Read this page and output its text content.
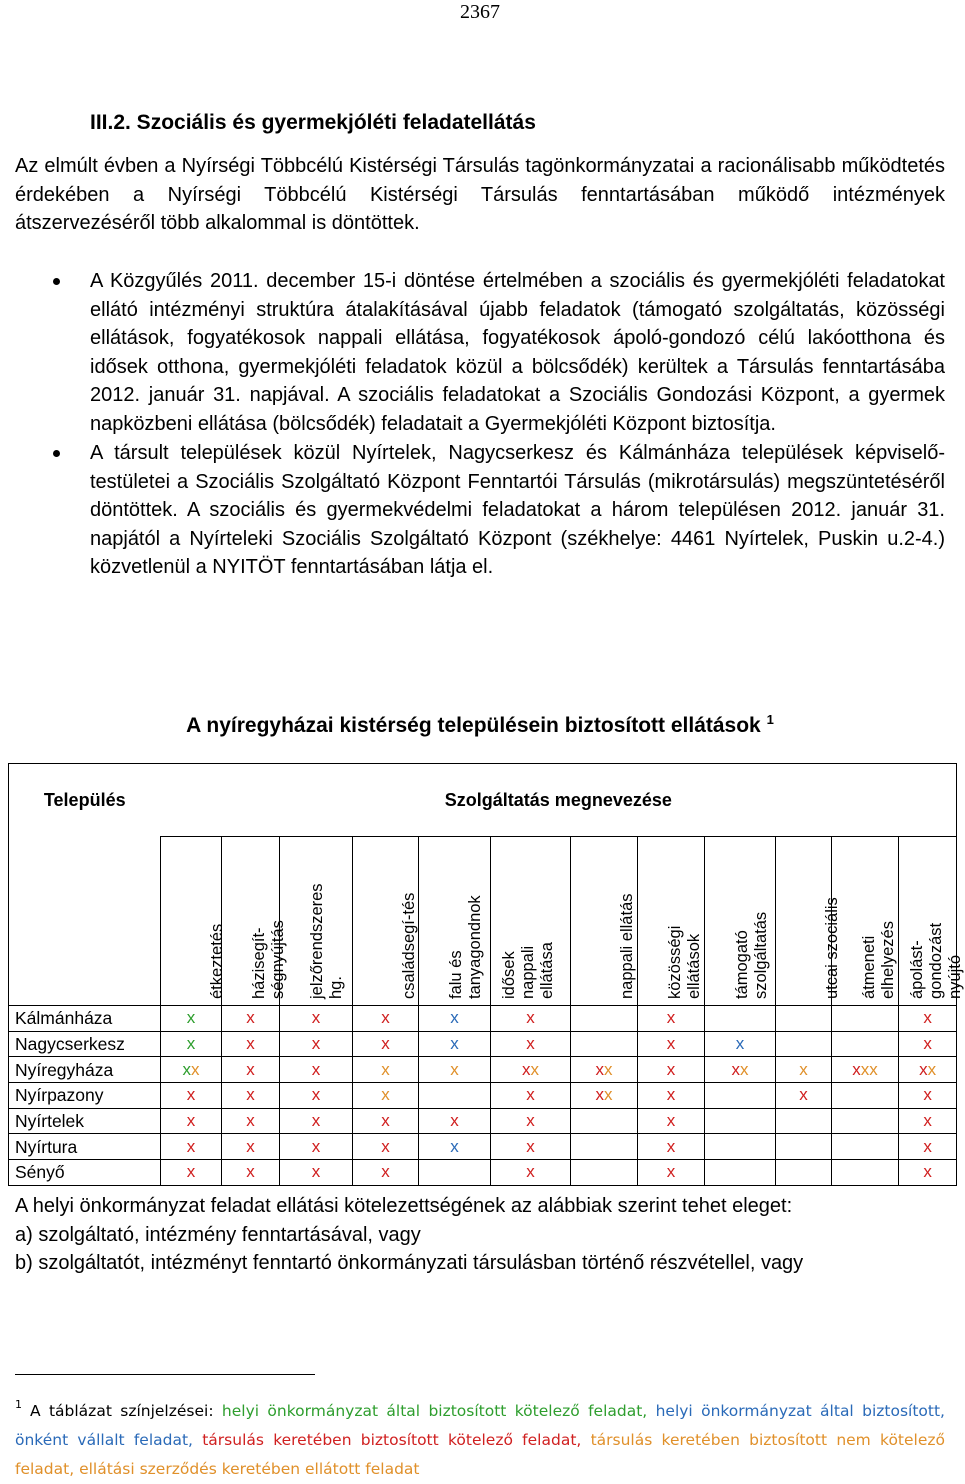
2367
III.2. Szociális és gyermekjóléti feladatellátás
Az elmúlt évben a Nyírségi Többcélú Kistérségi Társulás tagönkormányzatai a racionálisabb működtetés érdekében a Nyírségi Többcélú Kistérségi Társulás fenntartásában működő intézmények átszervezéséről több alkalommal is döntöttek.
A Közgyűlés 2011. december 15-i döntése értelmében a szociális és gyermekjóléti feladatokat ellátó intézményi struktúra átalakításával újabb feladatok (támogató szolgáltatás, közösségi ellátások, fogyatékosok nappali ellátása, fogyatékosok ápoló-gondozó célú lakóotthona és idősek otthona, gyermekjóléti feladatok közül a bölcsődék) kerültek a Társulás fenntartásába 2012. január 31. napjával. A szociális feladatokat a Szociális Gondozási Központ, a gyermek napközbeni ellátása (bölcsődék) feladatait a Gyermekjóléti Központ biztosítja.
A társult települések közül Nyírtelek, Nagycserkesz és Kálmánháza települések képviselő-testületei a Szociális Szolgáltató Központ Fenntartói Társulás (mikrotársulás) megszüntetéséről döntöttek. A szociális és gyermekvédelmi feladatokat a három településen 2012. január 31. napjától a Nyírteleki Szociális Szolgáltató Központ (székhelye: 4461 Nyírtelek, Puskin u.2-4.) közvetlenül a NYITÖT fenntartásában látja el.
A nyíregyházai kistérség településein biztosított ellátások $^1$
Település	Szolgáltatás megnevezése											

	étkeztetés	házisegít- ségnyújtás	jelzőrendszeres hg.	családsegí-tés	falu és tanyagondnok	idősek nappali ellátása	nappali ellátás	közösségi ellátások	támogató szolgáltatás	utcai szociális	átmeneti elhelyezés	ápolást- gondozást nyújtó

Kálmánháza	x	x	x	x	x	x		x				x
Nagycserkesz	x	x	x	x	x	x		x	x			x
Nyíregyháza	xx	x	x	x	x	xx	xx	x	xx	x	xxx	xx
Nyírpazony	x	x	x	x		x	xx	x		x		x
Nyírtelek	x	x	x	x	x	x		x				x
Nyírtura	x	x	x	x	x	x		x				x
Sényő	x	x	x	x		x		x				x

A helyi önkormányzat feladat ellátási kötelezettségének az alábbiak szerint tehet eleget:

a) szolgáltató, intézmény fenntartásával, vagy

b) szolgáltatót, intézményt fenntartó önkormányzati társulásban történő részvétellel, vagy

$^1$ A táblázat színjelzései: helyi önkormányzat által biztosított kötelező feladat, helyi önkormányzat által biztosított, önként vállalt feladat, társulás keretében biztosított kötelező feladat, társulás keretében biztosított nem kötelező feladat, ellátási szerződés keretében ellátott feladat
